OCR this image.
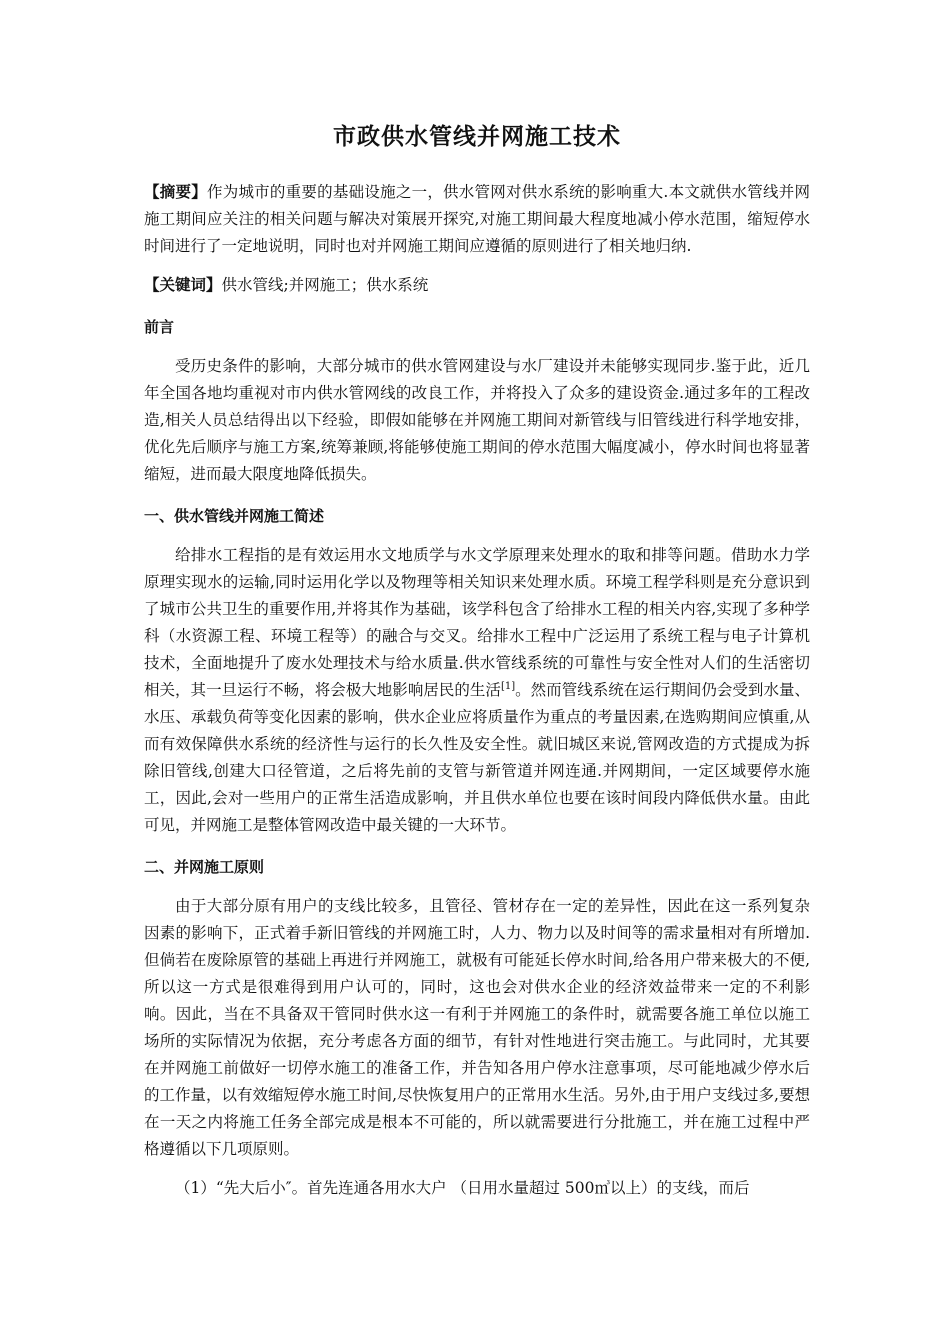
市政供水管线并网施工技术

【摘要】作为城市的重要的基础设施之一，供水管网对供水系统的影响重大.本文就供水管线并网施工期间应关注的相关问题与解决对策展开探究,对施工期间最大程度地减小停水范围，缩短停水时间进行了一定地说明，同时也对并网施工期间应遵循的原则进行了相关地归纳.

【关键词】供水管线;并网施工；供水系统

前言

受历史条件的影响，大部分城市的供水管网建设与水厂建设并未能够实现同步.鉴于此，近几年全国各地均重视对市内供水管网线的改良工作，并将投入了众多的建设资金.通过多年的工程改造,相关人员总结得出以下经验，即假如能够在并网施工期间对新管线与旧管线进行科学地安排，优化先后顺序与施工方案,统筹兼顾,将能够使施工期间的停水范围大幅度减小，停水时间也将显著缩短，进而最大限度地降低损失。

一、供水管线并网施工简述

给排水工程指的是有效运用水文地质学与水文学原理来处理水的取和排等问题。借助水力学原理实现水的运输,同时运用化学以及物理等相关知识来处理水质。环境工程学科则是充分意识到了城市公共卫生的重要作用,并将其作为基础，该学科包含了给排水工程的相关内容,实现了多种学科（水资源工程、环境工程等）的融合与交叉。给排水工程中广泛运用了系统工程与电子计算机技术，全面地提升了废水处理技术与给水质量.供水管线系统的可靠性与安全性对人们的生活密切相关，其一旦运行不畅，将会极大地影响居民的生活[1]。然而管线系统在运行期间仍会受到水量、水压、承载负荷等变化因素的影响，供水企业应将质量作为重点的考量因素,在选购期间应慎重,从而有效保障供水系统的经济性与运行的长久性及安全性。就旧城区来说,管网改造的方式提成为拆除旧管线,创建大口径管道，之后将先前的支管与新管道并网连通.并网期间，一定区域要停水施工，因此,会对一些用户的正常生活造成影响，并且供水单位也要在该时间段内降低供水量。由此可见，并网施工是整体管网改造中最关键的一大环节。

二、并网施工原则

由于大部分原有用户的支线比较多，且管径、管材存在一定的差异性，因此在这一系列复杂因素的影响下，正式着手新旧管线的并网施工时，人力、物力以及时间等的需求量相对有所增加.但倘若在废除原管的基础上再进行并网施工，就极有可能延长停水时间,给各用户带来极大的不便,所以这一方式是很难得到用户认可的，同时，这也会对供水企业的经济效益带来一定的不利影响。因此，当在不具备双干管同时供水这一有利于并网施工的条件时，就需要各施工单位以施工场所的实际情况为依据，充分考虑各方面的细节，有针对性地进行突击施工。与此同时，尤其要在并网施工前做好一切停水施工的准备工作，并告知各用户停水注意事项，尽可能地减少停水后的工作量，以有效缩短停水施工时间,尽快恢复用户的正常用水生活。另外,由于用户支线过多,要想在一天之内将施工任务全部完成是根本不可能的，所以就需要进行分批施工，并在施工过程中严格遵循以下几项原则。

（1）“先大后小″。首先连通各用水大户 （日用水量超过 500㎥以上）的支线，而后
